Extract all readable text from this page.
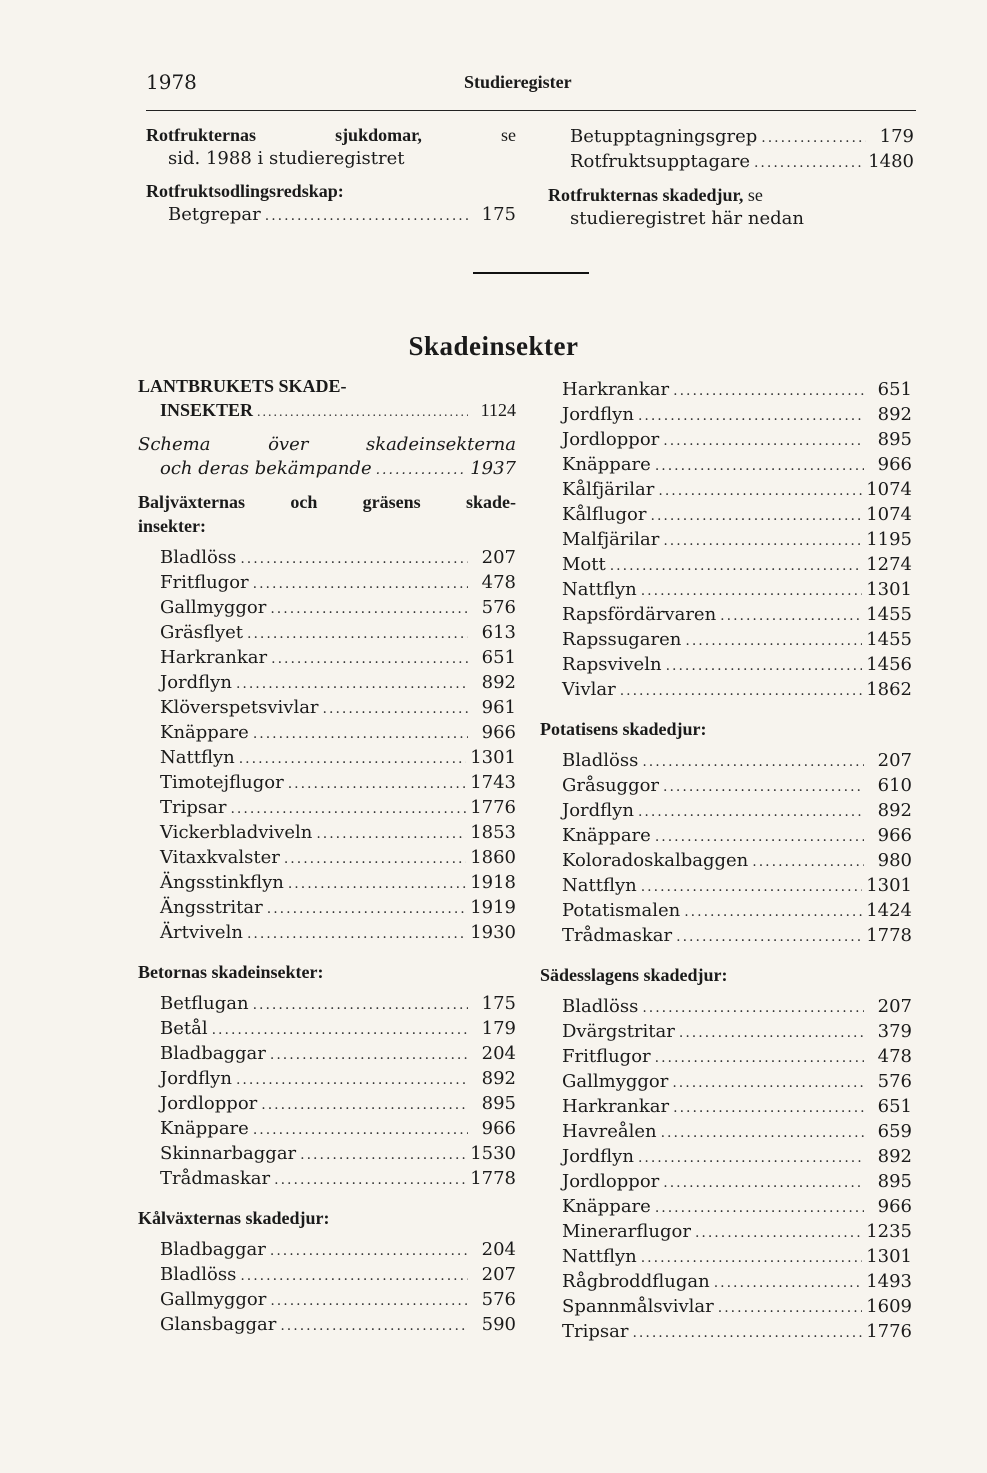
1978	Studieregister
Rotfrukternas	sjukdomar,	se
sid. 1988 i studieregistret
Rotfruktsodlingsredskap:
Betgrepar .....	175
Betupptagningsgrep .....	179
Rotfruktsupptagare .....	1480
Rotfrukternas skadedjur, se
studieregistret här nedan
Skadeinsekter
LANTBRUKETS SKADE-
INSEKTER .....	1124
Schema	över	skadeinsekterna
och deras bekämpande .....	1937
Baljväxternas	och	gräsens	skade-
insekter:
Bladlöss .....	207
Fritflugor .....	478
Gallmyggor .....	576
Gräsflyet .....	613
Harkrankar .....	651
Jordflyn .....	892
Klöverspetsvivlar .....	961
Knäppare .....	966
Nattflyn .....	1301
Timotejflugor .....	1743
Tripsar .....	1776
Vickerbladviveln .....	1853
Vitaxkvalster .....	1860
Ängsstinkflyn .....	1918
Ängsstritar .....	1919
Ärtviveln .....	1930
Betornas skadeinsekter:
Betflugan .....	175
Betål .....	179
Bladbaggar .....	204
Jordflyn .....	892
Jordloppor .....	895
Knäppare .....	966
Skinnarbaggar .....	1530
Trådmaskar .....	1778
Kålväxternas skadedjur:
Bladbaggar .....	204
Bladlöss .....	207
Gallmyggor .....	576
Glansbaggar .....	590
Harkrankar .....	651
Jordflyn .....	892
Jordloppor .....	895
Knäppare .....	966
Kålfjärilar .....	1074
Kålflugor .....	1074
Malfjärilar .....	1195
Mott .....	1274
Nattflyn .....	1301
Rapsfördärvaren .....	1455
Rapssugaren .....	1455
Rapsviveln .....	1456
Vivlar .....	1862
Potatisens skadedjur:
Bladlöss .....	207
Gråsuggor .....	610
Jordflyn .....	892
Knäppare .....	966
Koloradoskalbaggen .....	980
Nattflyn .....	1301
Potatismalen .....	1424
Trådmaskar .....	1778
Sädesslagens skadedjur:
Bladlöss .....	207
Dvärgstritar .....	379
Fritflugor .....	478
Gallmyggor .....	576
Harkrankar .....	651
Havreålen .....	659
Jordflyn .....	892
Jordloppor .....	895
Knäppare .....	966
Minerarflugor .....	1235
Nattflyn .....	1301
Rågbroddflugan .....	1493
Spannmålsvivlar .....	1609
Tripsar .....	1776
